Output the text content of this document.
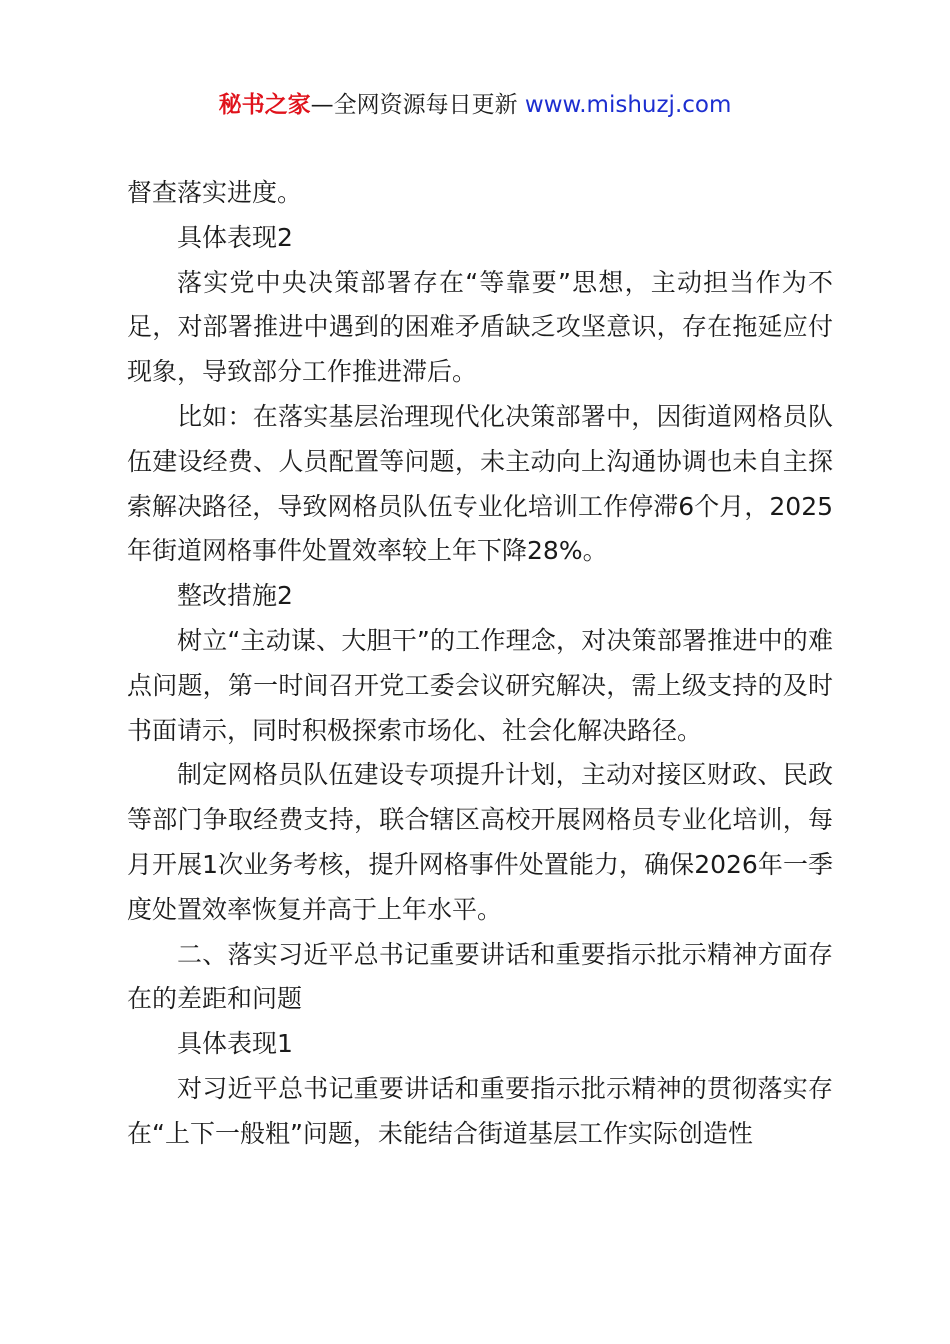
秘书之家—全网资源每日更新 www.mishuzj.com

督查落实进度。

具体表现2

落实党中央决策部署存在“等靠要”思想，主动担当作为不足，对部署推进中遇到的困难矛盾缺乏攻坚意识，存在拖延应付现象，导致部分工作推进滞后。

比如：在落实基层治理现代化决策部署中，因街道网格员队伍建设经费、人员配置等问题，未主动向上沟通协调也未自主探索解决路径，导致网格员队伍专业化培训工作停滞6个月，2025年街道网格事件处置效率较上年下降28%。

整改措施2

树立“主动谋、大胆干”的工作理念，对决策部署推进中的难点问题，第一时间召开党工委会议研究解决，需上级支持的及时书面请示，同时积极探索市场化、社会化解决路径。

制定网格员队伍建设专项提升计划，主动对接区财政、民政等部门争取经费支持，联合辖区高校开展网格员专业化培训，每月开展1次业务考核，提升网格事件处置能力，确保2026年一季度处置效率恢复并高于上年水平。

二、落实习近平总书记重要讲话和重要指示批示精神方面存在的差距和问题

具体表现1

对习近平总书记重要讲话和重要指示批示精神的贯彻落实存在“上下一般粗”问题，未能结合街道基层工作实际创造性
